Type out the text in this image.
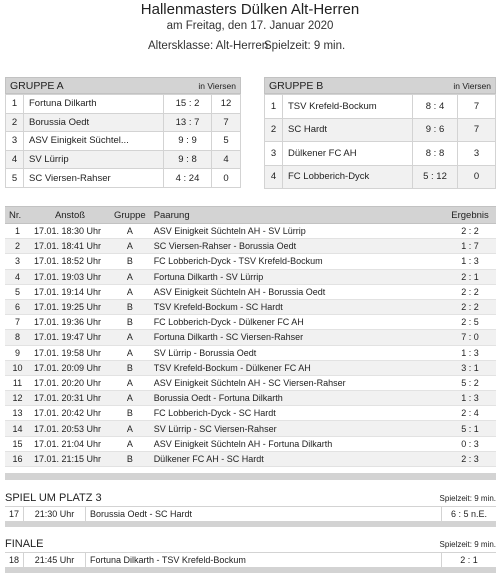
Hallenmasters Dülken Alt-Herren
am Freitag, den 17. Januar 2020
Altersklasse: Alt-Herren
Spielzeit: 9 min.
GRUPPE A	in Viersen
1	Fortuna Dilkarth	15 : 2	12
2	Borussia Oedt	13 : 7	7
3	ASV Einigkeit Süchtel...	9 : 9	5
4	SV Lürrip	9 : 8	4
5	SC Viersen-Rahser	4 : 24	0
GRUPPE B	in Viersen
1	TSV Krefeld-Bockum	8 : 4	7
2	SC Hardt	9 : 6	7
3	Dülkener FC AH	8 : 8	3
4	FC Lobberich-Dyck	5 : 12	0
Nr.	Anstoß	Gruppe	Paarung	Ergebnis
1	17.01. 18:30 Uhr	A	ASV Einigkeit Süchteln AH - SV Lürrip	2 : 2
2	17.01. 18:41 Uhr	A	SC Viersen-Rahser - Borussia Oedt	1 : 7
3	17.01. 18:52 Uhr	B	FC Lobberich-Dyck - TSV Krefeld-Bockum	1 : 3
4	17.01. 19:03 Uhr	A	Fortuna Dilkarth - SV Lürrip	2 : 1
5	17.01. 19:14 Uhr	A	ASV Einigkeit Süchteln AH - Borussia Oedt	2 : 2
6	17.01. 19:25 Uhr	B	TSV Krefeld-Bockum - SC Hardt	2 : 2
7	17.01. 19:36 Uhr	B	FC Lobberich-Dyck - Dülkener FC AH	2 : 5
8	17.01. 19:47 Uhr	A	Fortuna Dilkarth - SC Viersen-Rahser	7 : 0
9	17.01. 19:58 Uhr	A	SV Lürrip - Borussia Oedt	1 : 3
10	17.01. 20:09 Uhr	B	TSV Krefeld-Bockum - Dülkener FC AH	3 : 1
11	17.01. 20:20 Uhr	A	ASV Einigkeit Süchteln AH - SC Viersen-Rahser	5 : 2
12	17.01. 20:31 Uhr	A	Borussia Oedt - Fortuna Dilkarth	1 : 3
13	17.01. 20:42 Uhr	B	FC Lobberich-Dyck - SC Hardt	2 : 4
14	17.01. 20:53 Uhr	A	SV Lürrip - SC Viersen-Rahser	5 : 1
15	17.01. 21:04 Uhr	A	ASV Einigkeit Süchteln AH - Fortuna Dilkarth	0 : 3
16	17.01. 21:15 Uhr	B	Dülkener FC AH - SC Hardt	2 : 3
SPIEL UM PLATZ 3	Spielzeit: 9 min.
17	21:30 Uhr	Borussia Oedt - SC Hardt	6 : 5 n.E.
FINALE	Spielzeit: 9 min.
18	21:45 Uhr	Fortuna Dilkarth - TSV Krefeld-Bockum	2 : 1
